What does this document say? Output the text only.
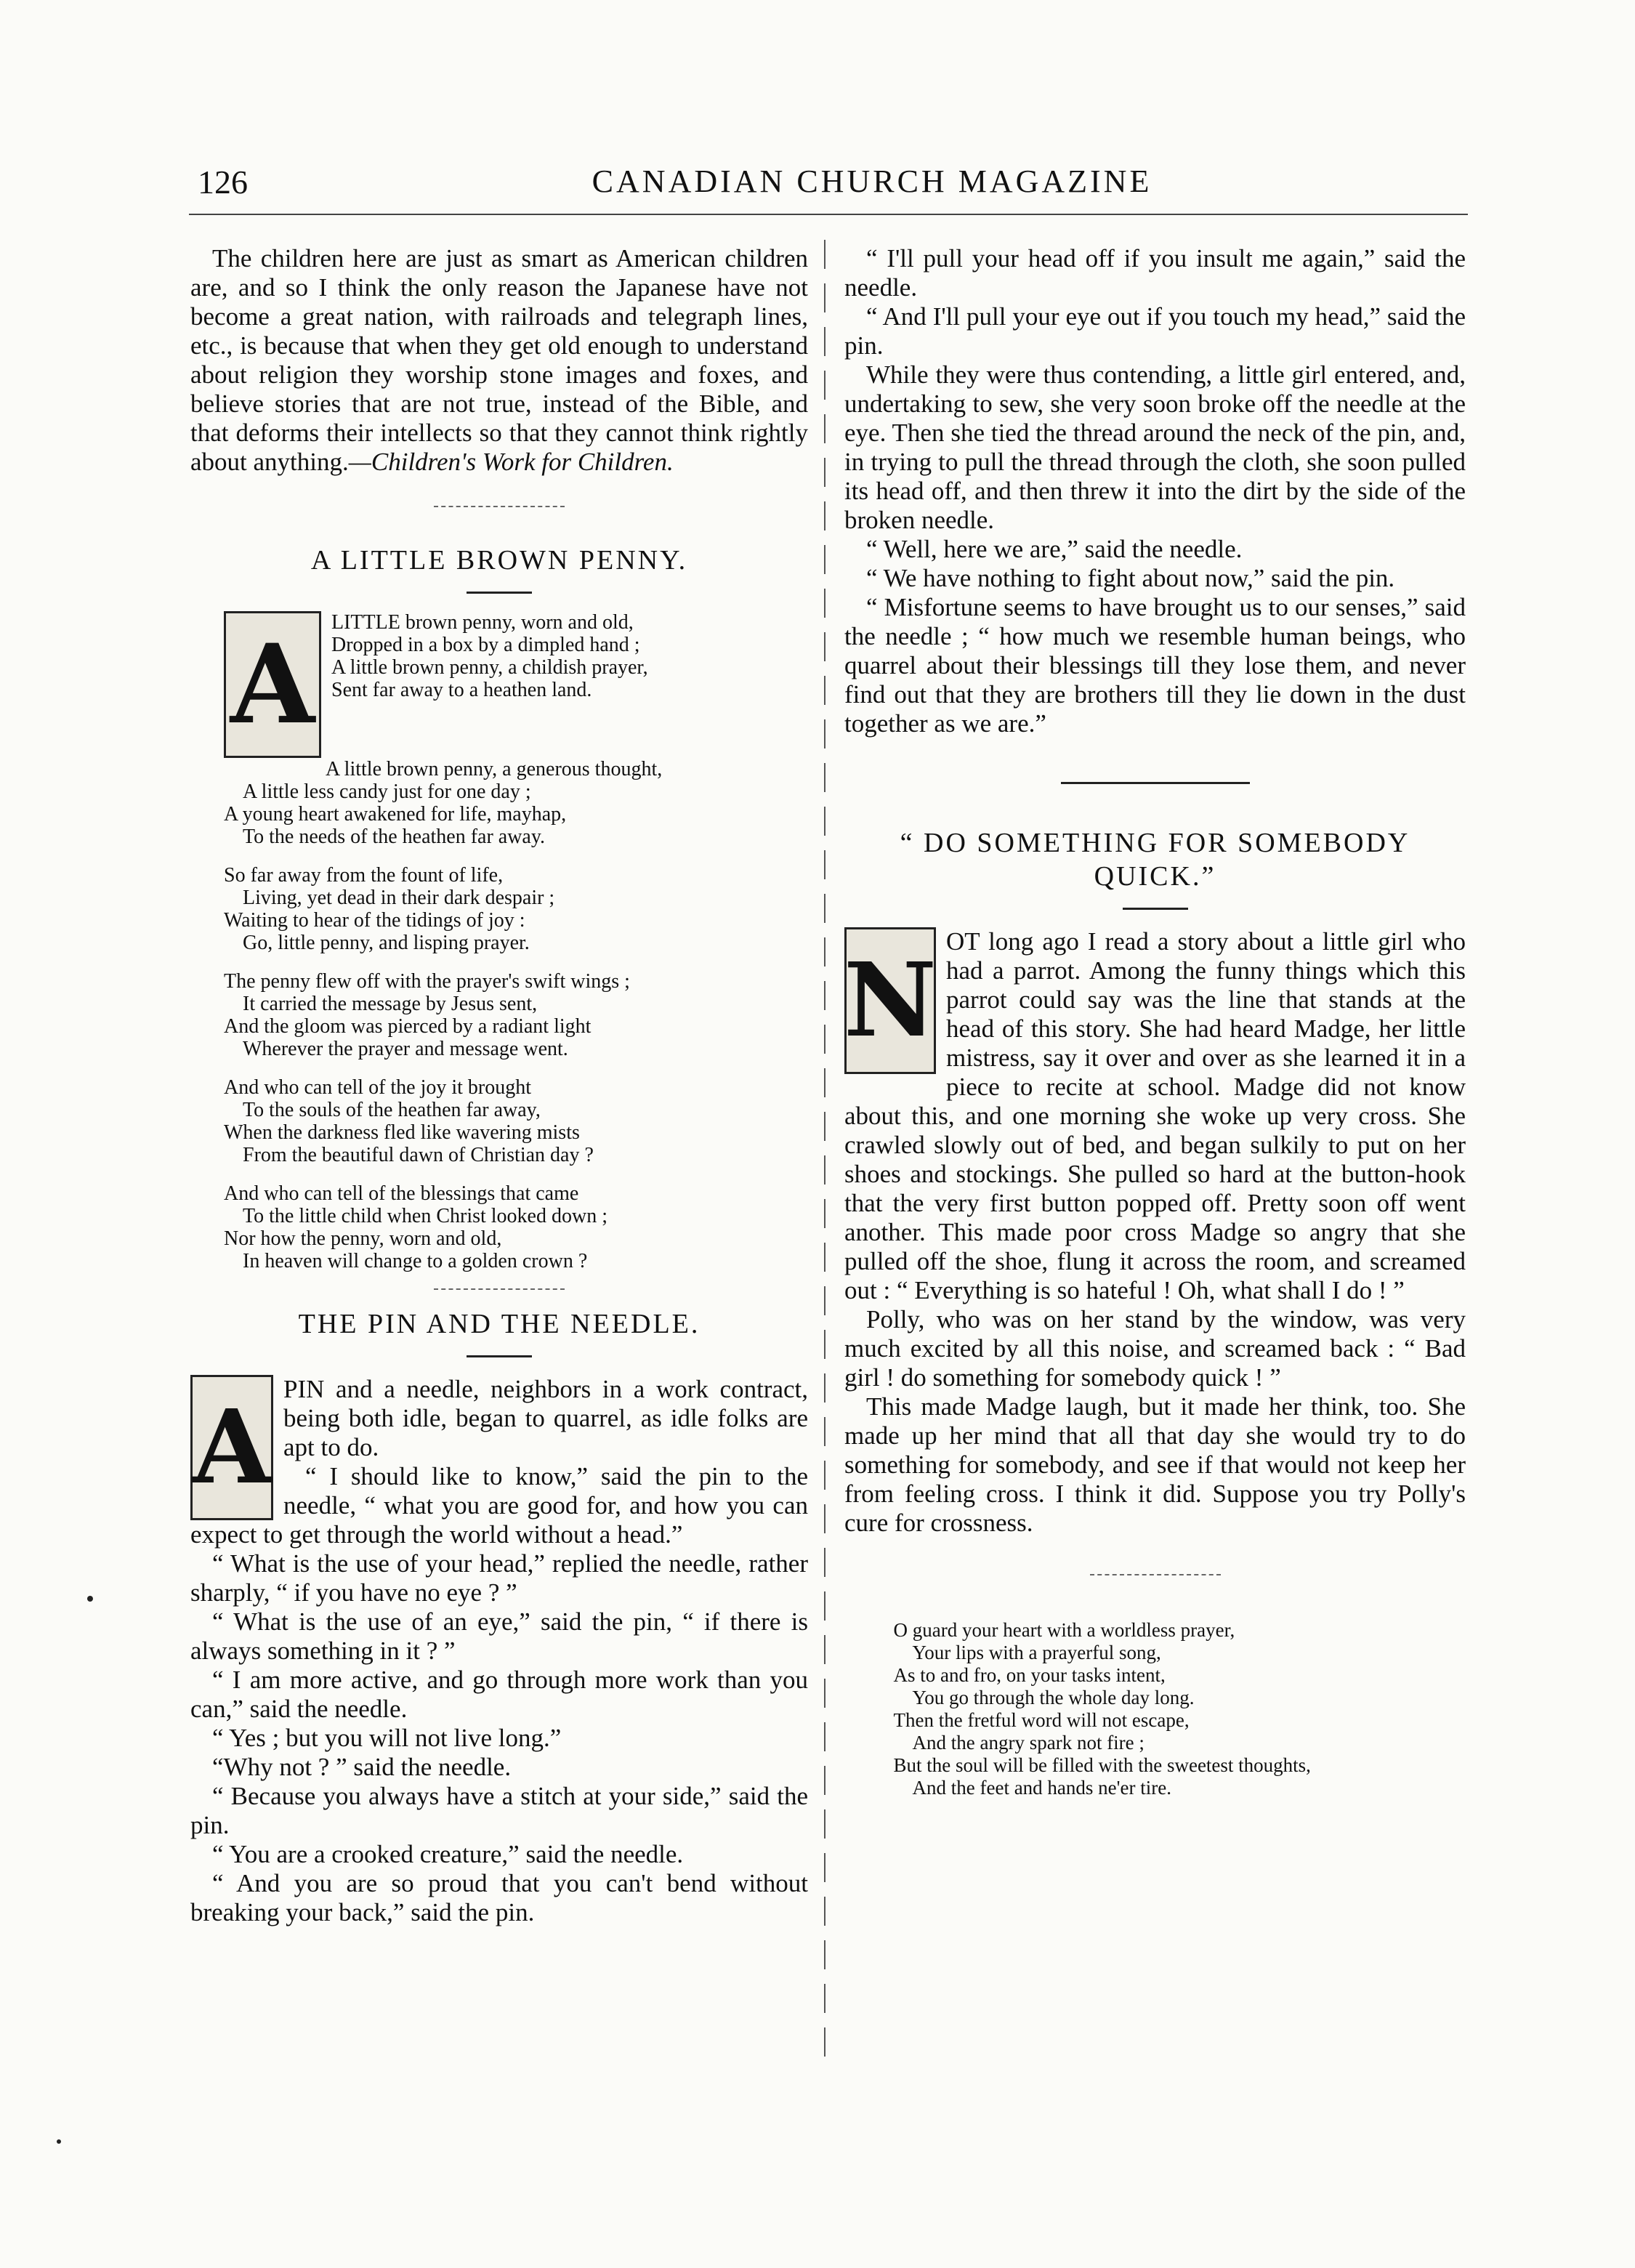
126	CANADIAN CHURCH MAGAZINE

The children here are just as smart as American children are, and so I think the only reason the Japanese have not become a great nation, with railroads and telegraph lines, etc., is because that when they get old enough to understand about religion they worship stone images and foxes, and believe stories that are not true, instead of the Bible, and that deforms their intellects so that they cannot think rightly about anything.—Children's Work for Children.

A LITTLE BROWN PENNY.
A LITTLE brown penny, worn and old,
Dropped in a box by a dimpled hand ;
A little brown penny, a childish prayer,
Sent far away to a heathen land.
A little brown penny, a generous thought,
A little less candy just for one day ;
A young heart awakened for life, mayhap,
To the needs of the heathen far away.
So far away from the fount of life,
Living, yet dead in their dark despair ;
Waiting to hear of the tidings of joy :
Go, little penny, and lisping prayer.
The penny flew off with the prayer's swift wings ;
It carried the message by Jesus sent,
And the gloom was pierced by a radiant light
Wherever the prayer and message went.
And who can tell of the joy it brought
To the souls of the heathen far away,
When the darkness fled like wavering mists
From the beautiful dawn of Christian day ?
And who can tell of the blessings that came
To the little child when Christ looked down ;
Nor how the penny, worn and old,
In heaven will change to a golden crown ?
THE PIN AND THE NEEDLE.
A PIN and a needle, neighbors in a work contract, being both idle, began to quarrel, as idle folks are apt to do.

“ I should like to know,” said the pin to the needle, “ what you are good for, and how you can expect to get through the world without a head.”

“ What is the use of your head,” replied the needle, rather sharply, “ if you have no eye ? ”

“ What is the use of an eye,” said the pin, “ if there is always something in it ? ”

“ I am more active, and go through more work than you can,” said the needle.

“ Yes ; but you will not live long.”

“Why not ? ” said the needle.

“ Because you always have a stitch at your side,” said the pin.

“ You are a crooked creature,” said the needle.

“ And you are so proud that you can't bend without breaking your back,” said the pin.

“ I'll pull your head off if you insult me again,” said the needle.

“ And I'll pull your eye out if you touch my head,” said the pin.

While they were thus contending, a little girl entered, and, undertaking to sew, she very soon broke off the needle at the eye. Then she tied the thread around the neck of the pin, and, in trying to pull the thread through the cloth, she soon pulled its head off, and then threw it into the dirt by the side of the broken needle.

“ Well, here we are,” said the needle.

“ We have nothing to fight about now,” said the pin.

“ Misfortune seems to have brought us to our senses,” said the needle ; “ how much we resemble human beings, who quarrel about their blessings till they lose them, and never find out that they are brothers till they lie down in the dust together as we are.”

“ DO SOMETHING FOR SOMEBODY QUICK.”
N OT long ago I read a story about a little girl who had a parrot. Among the funny things which this parrot could say was the line that stands at the head of this story. She had heard Madge, her little mistress, say it over and over as she learned it in a piece to recite at school. Madge did not know about this, and one morning she woke up very cross. She crawled slowly out of bed, and began sulkily to put on her shoes and stockings. She pulled so hard at the button-hook that the very first button popped off. Pretty soon off went another. This made poor cross Madge so angry that she pulled off the shoe, flung it across the room, and screamed out : “ Everything is so hateful ! Oh, what shall I do ! ”

Polly, who was on her stand by the window, was very much excited by all this noise, and screamed back : “ Bad girl ! do something for somebody quick ! ”

This made Madge laugh, but it made her think, too. She made up her mind that all that day she would try to do something for somebody, and see if that would not keep her from feeling cross. I think it did. Suppose you try Polly's cure for crossness.

O guard your heart with a worldless prayer,
Your lips with a prayerful song,
As to and fro, on your tasks intent,
You go through the whole day long.
Then the fretful word will not escape,
And the angry spark not fire ;
But the soul will be filled with the sweetest thoughts,
And the feet and hands ne'er tire.
